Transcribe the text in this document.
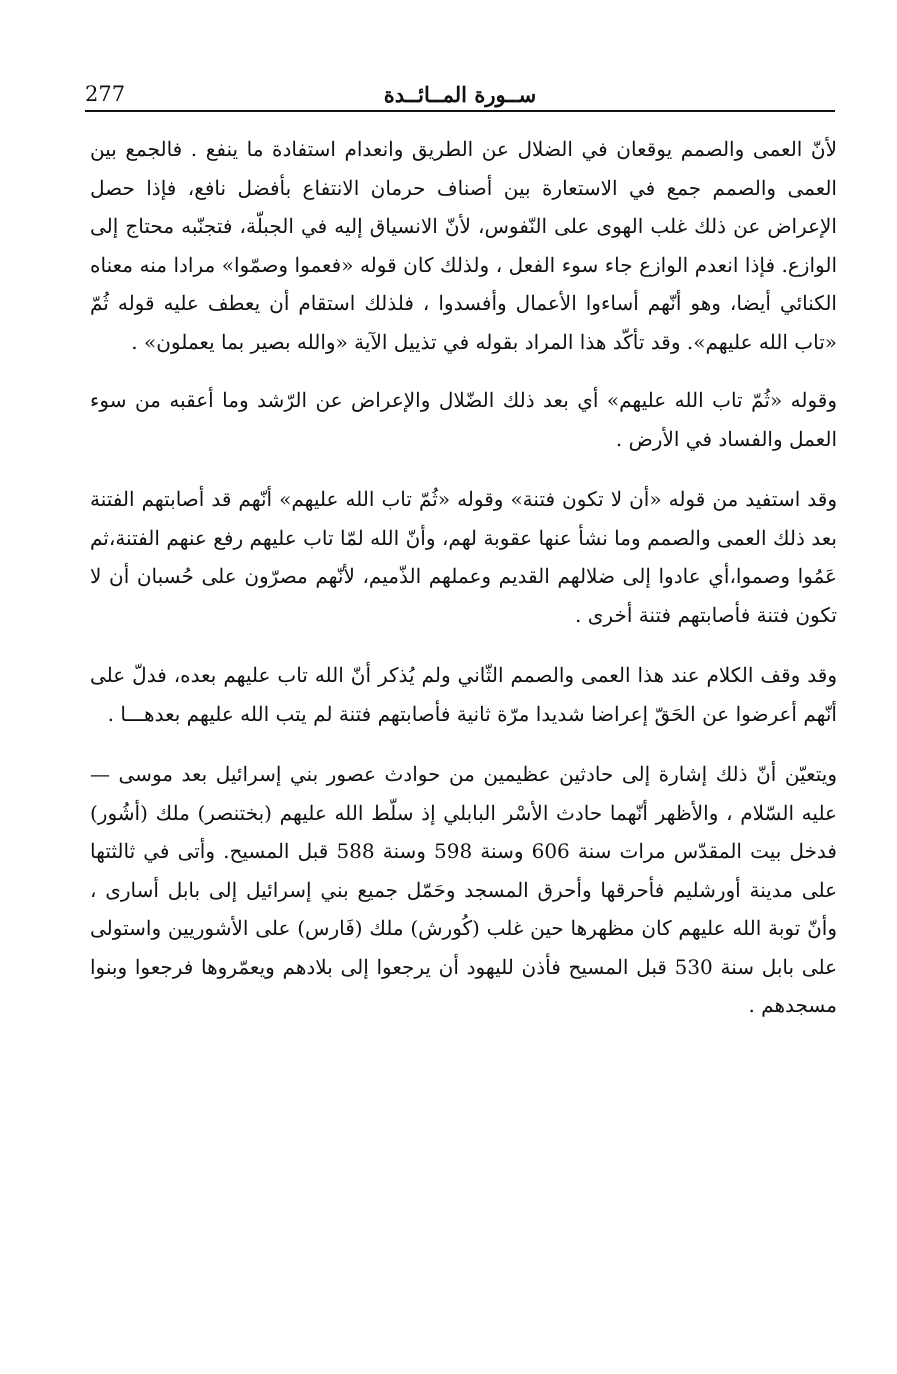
277	ســورة المــائــدة

لأنّ العمى والصمم يوقعان في الضلال عن الطريق وانعدام استفادة ما ينفع . فالجمع بين العمى والصمم جمع في الاستعارة بين أصناف حرمان الانتفاع بأفضل نافع، فإذا حصل الإعراض عن ذلك غلب الهوى على النّفوس، لأنّ الانسياق إليه في الجبلّة، فتجنّبه محتاج إلى الوازع. فإذا انعدم الوازع جاء سوء الفعل ، ولذلك كان قوله «فعموا وصمّوا» مرادا منه معناه الكنائي أيضا، وهو أنّهم أساءوا الأعمال وأفسدوا ، فلذلك استقام أن يعطف عليه قوله ثُمّ «تاب الله عليهم». وقد تأكّد هذا المراد بقوله في تذييل الآية «والله بصير بما يعملون» .

وقوله «ثُمّ تاب الله عليهم» أي بعد ذلك الضّلال والإعراض عن الرّشد وما أعقبه من سوء العمل والفساد في الأرض .

وقد استفيد من قوله «أن لا تكون فتنة» وقوله «ثُمّ تاب الله عليهم» أنّهم قد أصابتهم الفتنة بعد ذلك العمى والصمم وما نشأ عنها عقوبة لهم، وأنّ الله لمّا تاب عليهم رفع عنهم الفتنة،ثم عَمُوا وصموا،أي عادوا إلى ضلالهم القديم وعملهم الذّميم، لأنّهم مصرّون على حُسبان أن لا تكون فتنة فأصابتهم فتنة أخرى .

وقد وقف الكلام عند هذا العمى والصمم الثّاني ولم يُذكر أنّ الله تاب عليهم بعده، فدلّ على أنّهم أعرضوا عن الحَقّ إعراضا شديدا مرّة ثانية فأصابتهم فتنة لم يتب الله عليهم بعدهـــا .

ويتعيّن أنّ ذلك إشارة إلى حادثين عظيمين من حوادث عصور بني إسرائيل بعد موسى — عليه السّلام ، والأظهر أنّهما حادث الأسْر البابلي إذ سلّط الله عليهم (بختنصر) ملك (أشُور) فدخل بيت المقدّس مرات سنة 606 وسنة 598 وسنة 588 قبل المسيح. وأتى في ثالثتها على مدينة أورشليم فأحرقها وأحرق المسجد وحَمّل جميع بني إسرائيل إلى بابل أسارى ، وأنّ توبة الله عليهم كان مظهرها حين غلب (كُورش) ملك (فَارس) على الأشوريين واستولى على بابل سنة 530 قبل المسيح فأذن لليهود أن يرجعوا إلى بلادهم ويعمّروها فرجعوا وبنوا مسجدهم .
